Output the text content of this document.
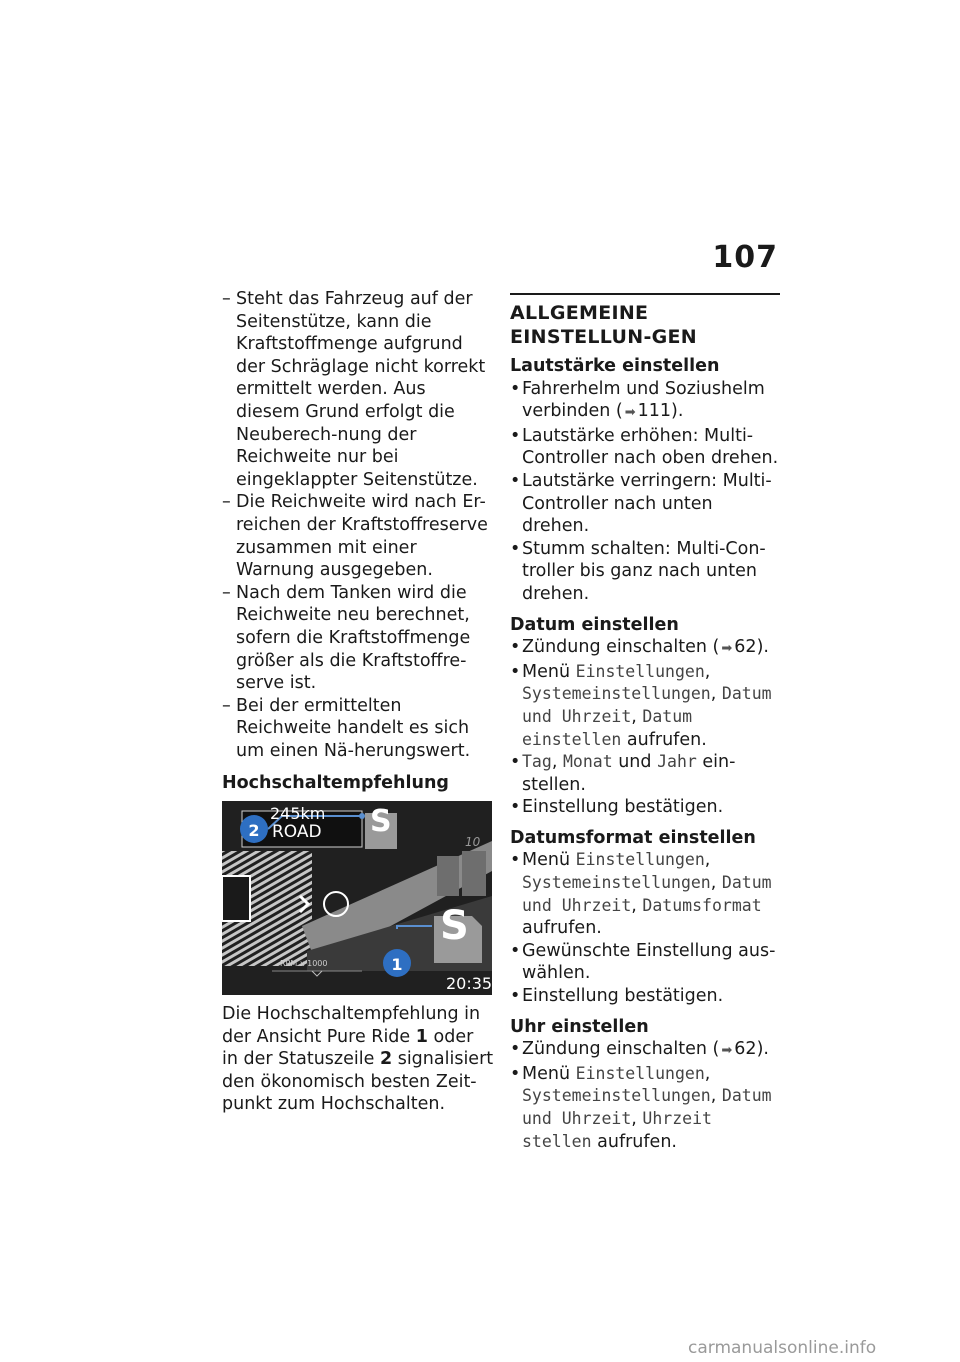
107

– Steht das Fahrzeug auf der Seitenstütze, kann die Kraftstoffmenge aufgrund der Schräglage nicht korrekt ermittelt werden. Aus diesem Grund erfolgt die Neuberech-nung der Reichweite nur bei eingeklappter Seitenstütze.

– Die Reichweite wird nach Er-reichen der Kraftstoffreserve zusammen mit einer Warnung ausgegeben.

– Nach dem Tanken wird die Reichweite neu berechnet, sofern die Kraftstoffmenge größer als die Kraftstoffre-serve ist.

– Bei der ermittelten Reichweite handelt es sich um einen Nä-herungswert.

Hochschaltempfehlung

245km
ROAD S
S
2
1
10
RPM x 1000
20:35

Die Hochschaltempfehlung in der Ansicht Pure Ride 1 oder in der Statuszeile 2 signalisiert den ökonomisch besten Zeit-punkt zum Hochschalten.

ALLGEMEINE EINSTELLUN-GEN

Lautstärke einstellen

• Fahrerhelm und Soziushelm verbinden ( ➡ 111).

• Lautstärke erhöhen: Multi-Controller nach oben drehen.

• Lautstärke verringern: Multi-Controller nach unten drehen.

• Stumm schalten: Multi-Con-troller bis ganz nach unten drehen.

Datum einstellen

• Zündung einschalten ( ➡ 62).

• Menü Einstellungen, Systemeinstellungen, Datum und Uhrzeit, Datum einstellen aufrufen.

• Tag, Monat und Jahr ein-stellen.

• Einstellung bestätigen.

Datumsformat einstellen

• Menü Einstellungen, Systemeinstellungen, Datum und Uhrzeit, Datumsformat aufrufen.

• Gewünschte Einstellung aus-wählen.

• Einstellung bestätigen.

Uhr einstellen

• Zündung einschalten ( ➡ 62).

• Menü Einstellungen, Systemeinstellungen, Datum und Uhrzeit, Uhrzeit stellen aufrufen.

carmanualsonline.info
